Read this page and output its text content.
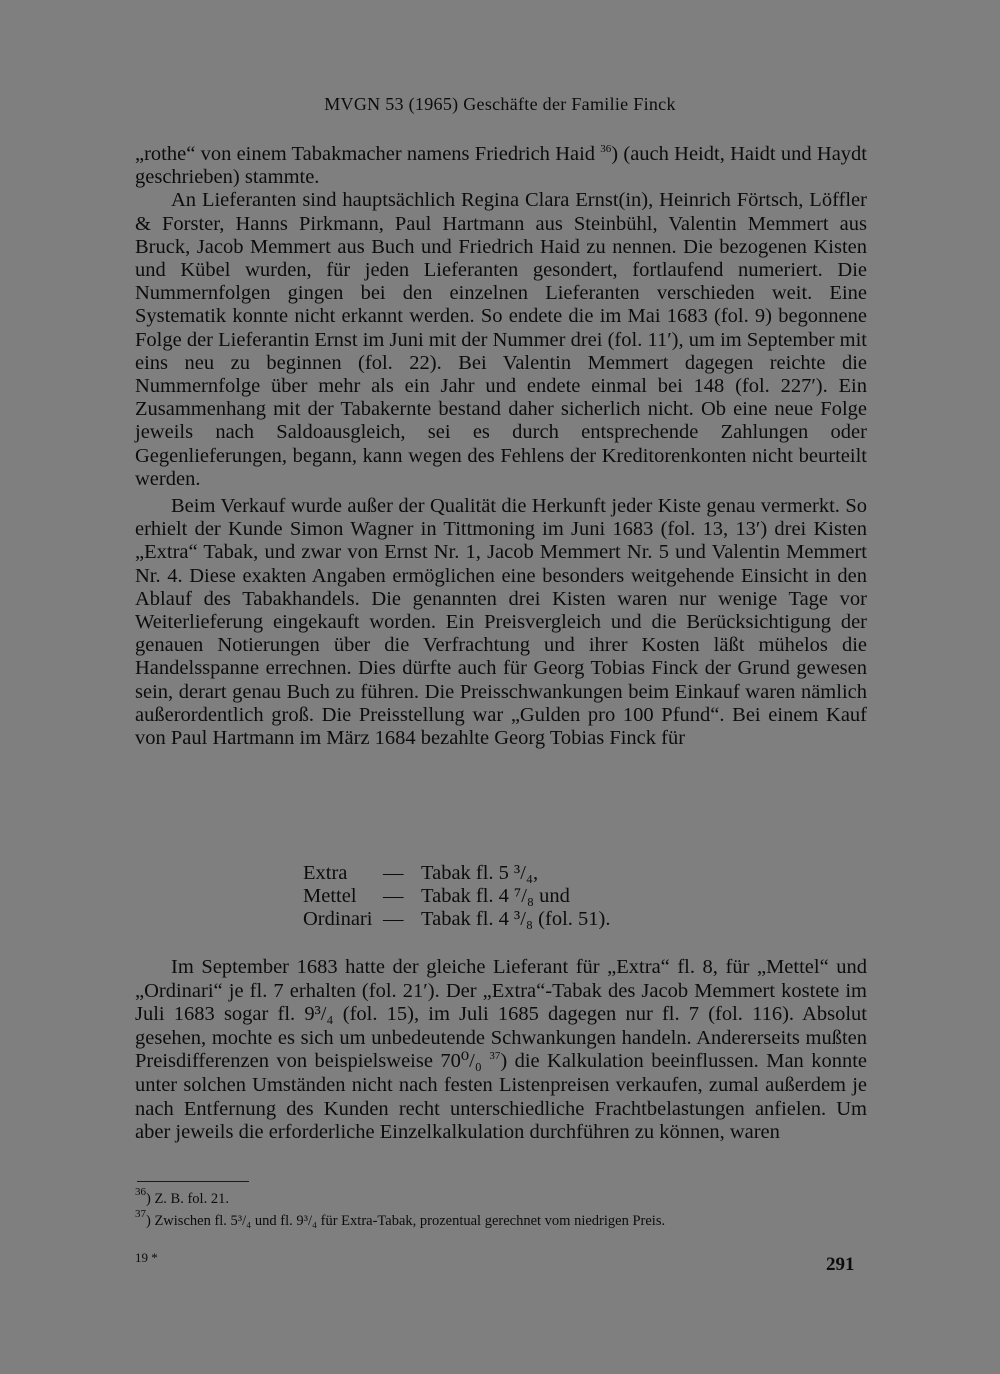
MVGN 53 (1965) Geschäfte der Familie Finck

„rothe“ von einem Tabakmacher namens Friedrich Haid $^{36}$) (auch Heidt, Haidt und Haydt geschrieben) stammte.

An Lieferanten sind hauptsächlich Regina Clara Ernst(in), Heinrich Förtsch, Löffler & Forster, Hanns Pirkmann, Paul Hartmann aus Steinbühl, Valentin Memmert aus Bruck, Jacob Memmert aus Buch und Friedrich Haid zu nennen. Die bezogenen Kisten und Kübel wurden, für jeden Lieferanten gesondert, fortlaufend numeriert. Die Nummernfolgen gingen bei den einzelnen Lieferanten verschieden weit. Eine Systematik konnte nicht erkannt werden. So endete die im Mai 1683 (fol. 9) begonnene Folge der Lieferantin Ernst im Juni mit der Nummer drei (fol. 11′), um im September mit eins neu zu beginnen (fol. 22). Bei Valentin Memmert dagegen reichte die Nummernfolge über mehr als ein Jahr und endete einmal bei 148 (fol. 227′). Ein Zusammenhang mit der Tabakernte bestand daher sicherlich nicht. Ob eine neue Folge jeweils nach Saldoausgleich, sei es durch entsprechende Zahlungen oder Gegenlieferungen, begann, kann wegen des Fehlens der Kreditorenkonten nicht beurteilt werden.

Beim Verkauf wurde außer der Qualität die Herkunft jeder Kiste genau vermerkt. So erhielt der Kunde Simon Wagner in Tittmoning im Juni 1683 (fol. 13, 13′) drei Kisten „Extra“ Tabak, und zwar von Ernst Nr. 1, Jacob Memmert Nr. 5 und Valentin Memmert Nr. 4. Diese exakten Angaben ermöglichen eine besonders weitgehende Einsicht in den Ablauf des Tabakhandels. Die genannten drei Kisten waren nur wenige Tage vor Weiterlieferung eingekauft worden. Ein Preisvergleich und die Berücksichtigung der genauen Notierungen über die Verfrachtung und ihrer Kosten läßt mühelos die Handelsspanne errechnen. Dies dürfte auch für Georg Tobias Finck der Grund gewesen sein, derart genau Buch zu führen. Die Preisschwankungen beim Einkauf waren nämlich außerordentlich groß. Die Preisstellung war „Gulden pro 100 Pfund“. Bei einem Kauf von Paul Hartmann im März 1684 bezahlte Georg Tobias Finck für

Extra	— Tabak fl. 5 ³/₄,
Mettel	— Tabak fl. 4 ⁷/₈ und
Ordinari — Tabak fl. 4 ³/₈ (fol. 51).

Im September 1683 hatte der gleiche Lieferant für „Extra“ fl. 8, für „Mettel“ und „Ordinari“ je fl. 7 erhalten (fol. 21′). Der „Extra“-Tabak des Jacob Memmert kostete im Juli 1683 sogar fl. 9³/₄ (fol. 15), im Juli 1685 dagegen nur fl. 7 (fol. 116). Absolut gesehen, mochte es sich um unbedeutende Schwankungen handeln. Andererseits mußten Preisdifferenzen von beispielsweise 70⁰/₀ $^{37}$) die Kalkulation beeinflussen. Man konnte unter solchen Umständen nicht nach festen Listenpreisen verkaufen, zumal außerdem je nach Entfernung des Kunden recht unterschiedliche Frachtbelastungen anfielen. Um aber jeweils die erforderliche Einzelkalkulation durchführen zu können, waren

$^{36}$) Z. B. fol. 21.
$^{37}$) Zwischen fl. 5³/₄ und fl. 9³/₄ für Extra-Tabak, prozentual gerechnet vom niedrigen Preis.
19 *	291
